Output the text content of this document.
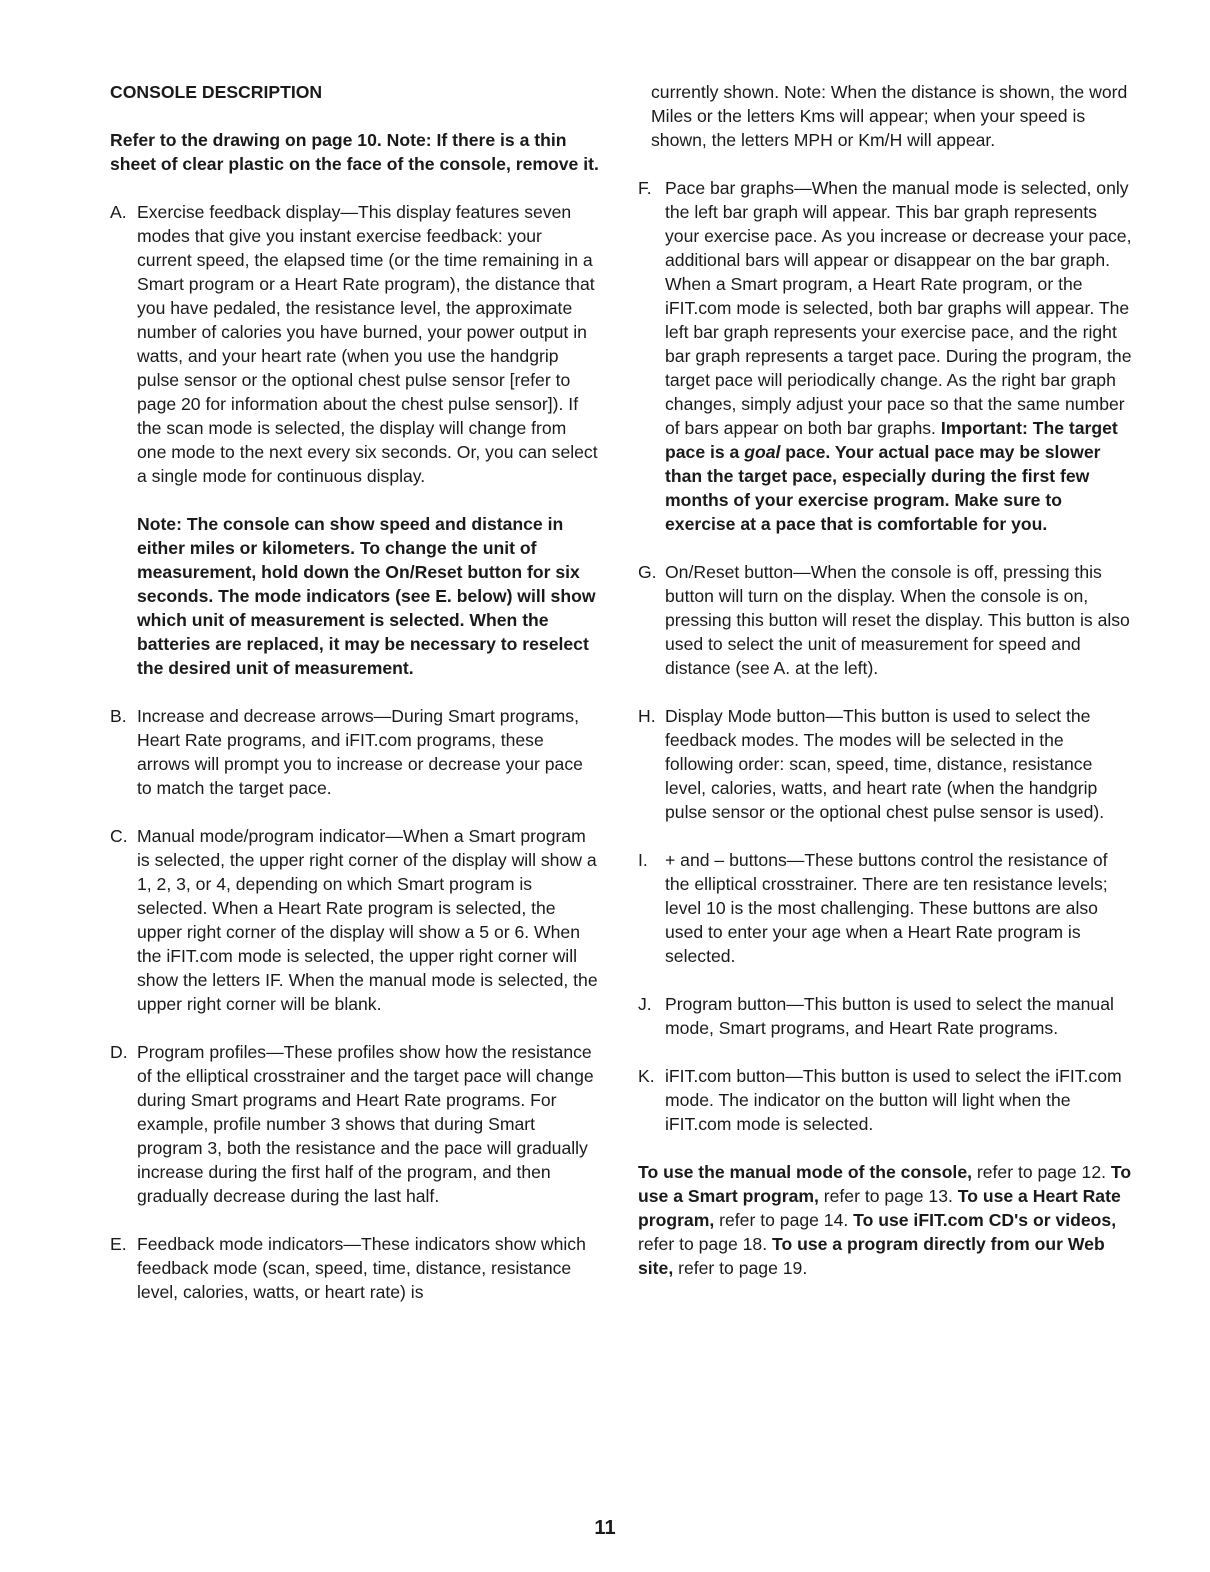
CONSOLE DESCRIPTION

Refer to the drawing on page 10. Note: If there is a thin sheet of clear plastic on the face of the console, remove it.

A. Exercise feedback display—This display features seven modes that give you instant exercise feedback: your current speed, the elapsed time (or the time remaining in a Smart program or a Heart Rate program), the distance that you have pedaled, the resistance level, the approximate number of calories you have burned, your power output in watts, and your heart rate (when you use the handgrip pulse sensor or the optional chest pulse sensor [refer to page 20 for information about the chest pulse sensor]). If the scan mode is selected, the display will change from one mode to the next every six seconds. Or, you can select a single mode for continuous display.

Note: The console can show speed and distance in either miles or kilometers. To change the unit of measurement, hold down the On/Reset button for six seconds. The mode indicators (see E. below) will show which unit of measurement is selected. When the batteries are replaced, it may be necessary to reselect the desired unit of measurement.

B. Increase and decrease arrows—During Smart programs, Heart Rate programs, and iFIT.com programs, these arrows will prompt you to increase or decrease your pace to match the target pace.

C. Manual mode/program indicator—When a Smart program is selected, the upper right corner of the display will show a 1, 2, 3, or 4, depending on which Smart program is selected. When a Heart Rate program is selected, the upper right corner of the display will show a 5 or 6. When the iFIT.com mode is selected, the upper right corner will show the letters IF. When the manual mode is selected, the upper right corner will be blank.

D. Program profiles—These profiles show how the resistance of the elliptical crosstrainer and the target pace will change during Smart programs and Heart Rate programs. For example, profile number 3 shows that during Smart program 3, both the resistance and the pace will gradually increase during the first half of the program, and then gradually decrease during the last half.

E. Feedback mode indicators—These indicators show which feedback mode (scan, speed, time, distance, resistance level, calories, watts, or heart rate) is

currently shown. Note: When the distance is shown, the word Miles or the letters Kms will appear; when your speed is shown, the letters MPH or Km/H will appear.

F. Pace bar graphs—When the manual mode is selected, only the left bar graph will appear. This bar graph represents your exercise pace. As you increase or decrease your pace, additional bars will appear or disappear on the bar graph. When a Smart program, a Heart Rate program, or the iFIT.com mode is selected, both bar graphs will appear. The left bar graph represents your exercise pace, and the right bar graph represents a target pace. During the program, the target pace will periodically change. As the right bar graph changes, simply adjust your pace so that the same number of bars appear on both bar graphs. Important: The target pace is a goal pace. Your actual pace may be slower than the target pace, especially during the first few months of your exercise program. Make sure to exercise at a pace that is comfortable for you.

G. On/Reset button—When the console is off, pressing this button will turn on the display. When the console is on, pressing this button will reset the display. This button is also used to select the unit of measurement for speed and distance (see A. at the left).

H. Display Mode button—This button is used to select the feedback modes. The modes will be selected in the following order: scan, speed, time, distance, resistance level, calories, watts, and heart rate (when the handgrip pulse sensor or the optional chest pulse sensor is used).

I. + and – buttons—These buttons control the resistance of the elliptical crosstrainer. There are ten resistance levels; level 10 is the most challenging. These buttons are also used to enter your age when a Heart Rate program is selected.

J. Program button—This button is used to select the manual mode, Smart programs, and Heart Rate programs.

K. iFIT.com button—This button is used to select the iFIT.com mode. The indicator on the button will light when the iFIT.com mode is selected.

To use the manual mode of the console, refer to page 12. To use a Smart program, refer to page 13. To use a Heart Rate program, refer to page 14. To use iFIT.com CD's or videos, refer to page 18. To use a program directly from our Web site, refer to page 19.

11
